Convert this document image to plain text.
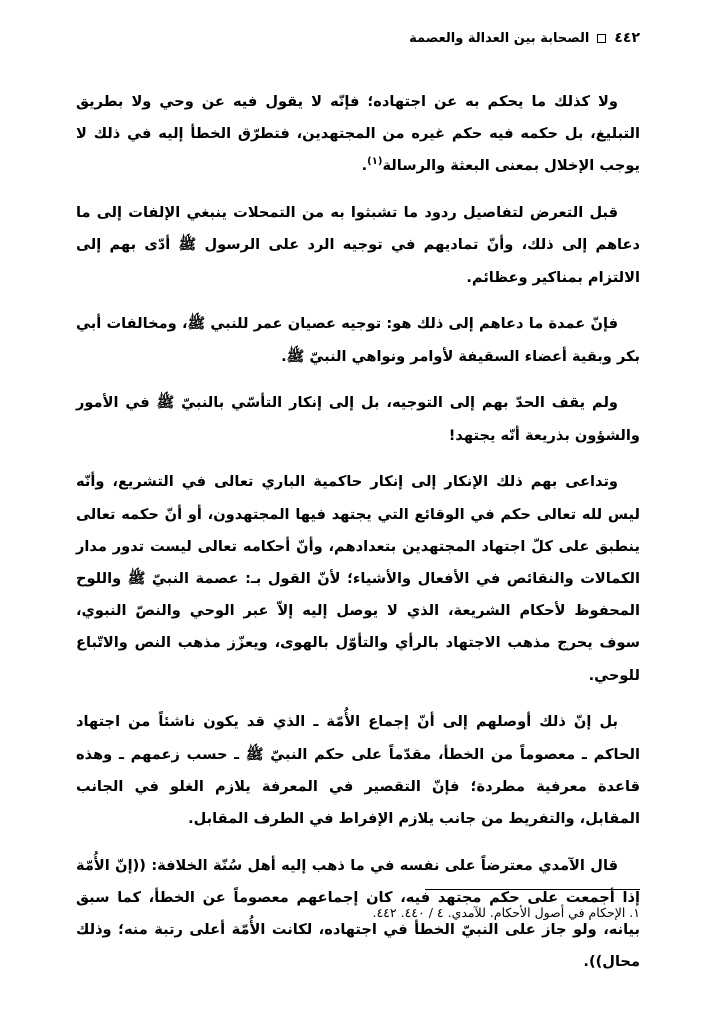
٤٤٢
الصحابة بين العدالة والعصمة

ولا كذلك ما يحكم به عن اجتهاده؛ فإنّه لا يقول فيه عن وحي ولا بطريق التبليغ، بل حكمه فيه حكم غيره من المجتهدين، فتطرّق الخطأ إليه في ذلك لا يوجب الإخلال بمعنى البعثة والرسالة$^{(١)}$.

قبل التعرض لتفاصيل ردود ما تشبثوا به من التمحلات ينبغي الإلفات إلى ما دعاهم إلى ذلك، وأنّ تماديهم في توجيه الرد على الرسول ﷺ أدّى بهم إلى الالتزام بمناكير وعظائم.

فإنّ عمدة ما دعاهم إلى ذلك هو: توجيه عصيان عمر للنبي ﷺ، ومخالفات أبي بكر وبقية أعضاء السقيفة لأوامر ونواهي النبيّ ﷺ.

ولم يقف الحدّ بهم إلى التوجيه، بل إلى إنكار التأسّي بالنبيّ ﷺ في الأمور والشؤون بذريعة أنّه يجتهد!

وتداعى بهم ذلك الإنكار إلى إنكار حاكمية الباري تعالى في التشريع، وأنّه ليس لله تعالى حكم في الوقائع التي يجتهد فيها المجتهدون، أو أنّ حكمه تعالى ينطبق على كلّ اجتهاد المجتهدين بتعدادهم، وأنّ أحكامه تعالى ليست تدور مدار الكمالات والنقائص في الأفعال والأشياء؛ لأنّ القول بـ: عصمة النبيّ ﷺ واللوح المحفوظ لأحكام الشريعة، الذي لا يوصل إليه إلاّ عبر الوحي والنصّ النبوي، سوف يحرج مذهب الاجتهاد بالرأي والتأوّل بالهوى، ويعزّز مذهب النص والاتّباع للوحي.

بل إنّ ذلك أوصلهم إلى أنّ إجماع الأُمّة ـ الذي قد يكون ناشئاً من اجتهاد الحاكم ـ معصوماً من الخطأ، مقدّماً على حكم النبيّ ﷺ ـ حسب زعمهم ـ وهذه قاعدة معرفية مطردة؛ فإنّ التقصير في المعرفة يلازم الغلو في الجانب المقابل، والتفريط من جانب يلازم الإفراط في الطرف المقابل.

قال الآمدي معترضاً على نفسه في ما ذهب إليه أهل سُنّة الخلافة: ((إنّ الأُمّة إذا أجمعت على حكم مجتهد فيه، كان إجماعهم معصوماً عن الخطأ، كما سبق بيانه، ولو جاز على النبيّ الخطأ في اجتهاده، لكانت الأُمّة أعلى رتبة منه؛ وذلك محال)).

١. الإحكام في أصول الأحكام. للآمدي. ٤ / ٤٤٠. ٤٤٢.
